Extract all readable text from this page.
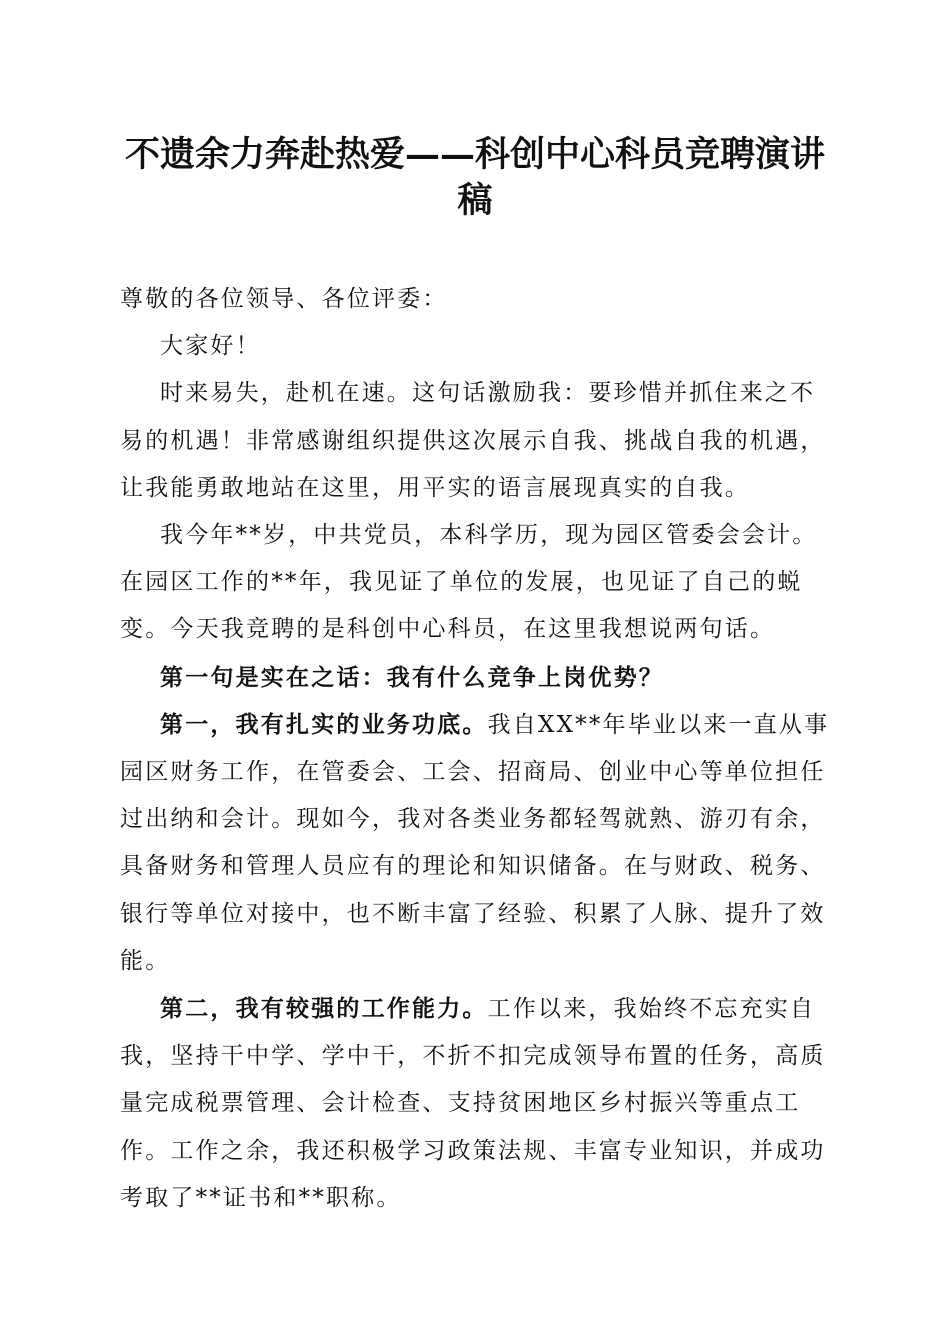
不遗余力奔赴热爱——科创中心科员竞聘演讲稿

尊敬的各位领导、各位评委：

大家好！

时来易失，赴机在速。这句话激励我：要珍惜并抓住来之不易的机遇！非常感谢组织提供这次展示自我、挑战自我的机遇，让我能勇敢地站在这里，用平实的语言展现真实的自我。

我今年**岁，中共党员，本科学历，现为园区管委会会计。在园区工作的**年，我见证了单位的发展，也见证了自己的蜕变。今天我竞聘的是科创中心科员，在这里我想说两句话。

第一句是实在之话：我有什么竞争上岗优势？

第一，我有扎实的业务功底。我自XX**年毕业以来一直从事园区财务工作，在管委会、工会、招商局、创业中心等单位担任过出纳和会计。现如今，我对各类业务都轻驾就熟、游刃有余，具备财务和管理人员应有的理论和知识储备。在与财政、税务、银行等单位对接中，也不断丰富了经验、积累了人脉、提升了效能。

第二，我有较强的工作能力。工作以来，我始终不忘充实自我，坚持干中学、学中干，不折不扣完成领导布置的任务，高质量完成税票管理、会计检查、支持贫困地区乡村振兴等重点工作。工作之余，我还积极学习政策法规、丰富专业知识，并成功考取了**证书和**职称。
